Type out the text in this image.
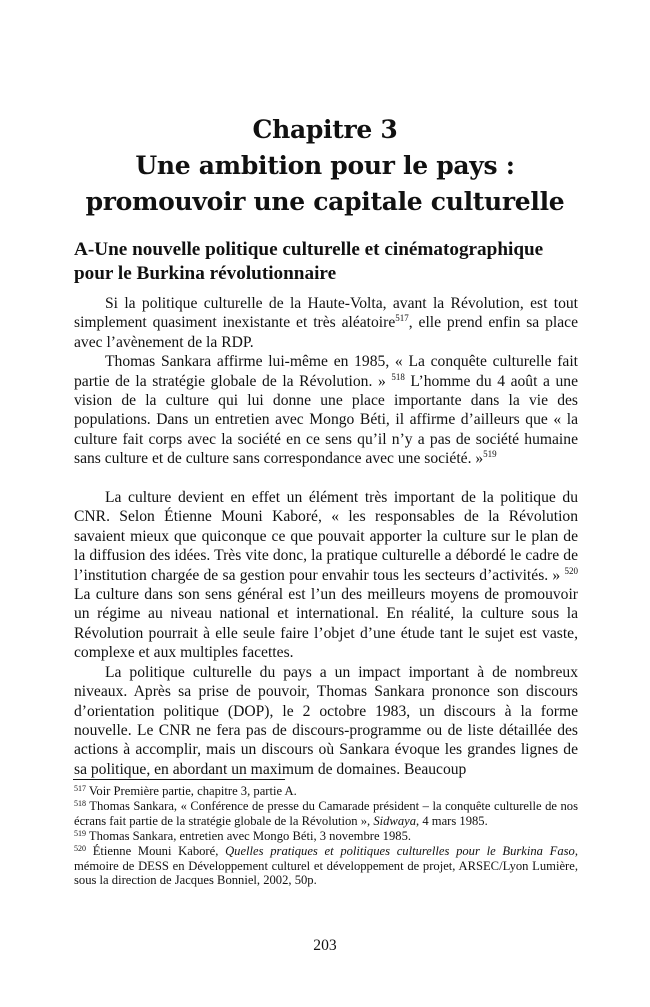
Chapitre 3
Une ambition pour le pays :
promouvoir une capitale culturelle
A-Une nouvelle politique culturelle et cinématographique
pour le Burkina révolutionnaire

Si la politique culturelle de la Haute-Volta, avant la Révolution, est tout simplement quasiment inexistante et très aléatoire$^{517}$, elle prend enfin sa place avec l’avènement de la RDP.

Thomas Sankara affirme lui-même en 1985, « La conquête culturelle fait partie de la stratégie globale de la Révolution. » $^{518}$ L’homme du 4 août a une vision de la culture qui lui donne une place importante dans la vie des populations. Dans un entretien avec Mongo Béti, il affirme d’ailleurs que « la culture fait corps avec la société en ce sens qu’il n’y a pas de société humaine sans culture et de culture sans correspondance avec une société. »$^{519}$

La culture devient en effet un élément très important de la politique du CNR. Selon Étienne Mouni Kaboré, « les responsables de la Révolution savaient mieux que quiconque ce que pouvait apporter la culture sur le plan de la diffusion des idées. Très vite donc, la pratique culturelle a débordé le cadre de l’institution chargée de sa gestion pour envahir tous les secteurs d’activités. » $^{520}$ La culture dans son sens général est l’un des meilleurs moyens de promouvoir un régime au niveau national et international. En réalité, la culture sous la Révolution pourrait à elle seule faire l’objet d’une étude tant le sujet est vaste, complexe et aux multiples facettes.

La politique culturelle du pays a un impact important à de nombreux niveaux. Après sa prise de pouvoir, Thomas Sankara prononce son discours d’orientation politique (DOP), le 2 octobre 1983, un discours à la forme nouvelle. Le CNR ne fera pas de discours-programme ou de liste détaillée des actions à accomplir, mais un discours où Sankara évoque les grandes lignes de sa politique, en abordant un maximum de domaines. Beaucoup

$^{517}$ Voir Première partie, chapitre 3, partie A.

$^{518}$ Thomas Sankara, « Conférence de presse du Camarade président – la conquête culturelle de nos écrans fait partie de la stratégie globale de la Révolution », Sidwaya, 4 mars 1985.

$^{519}$ Thomas Sankara, entretien avec Mongo Béti, 3 novembre 1985.

$^{520}$ Étienne Mouni Kaboré, Quelles pratiques et politiques culturelles pour le Burkina Faso, mémoire de DESS en Développement culturel et développement de projet, ARSEC/Lyon Lumière, sous la direction de Jacques Bonniel, 2002, 50p.

203
